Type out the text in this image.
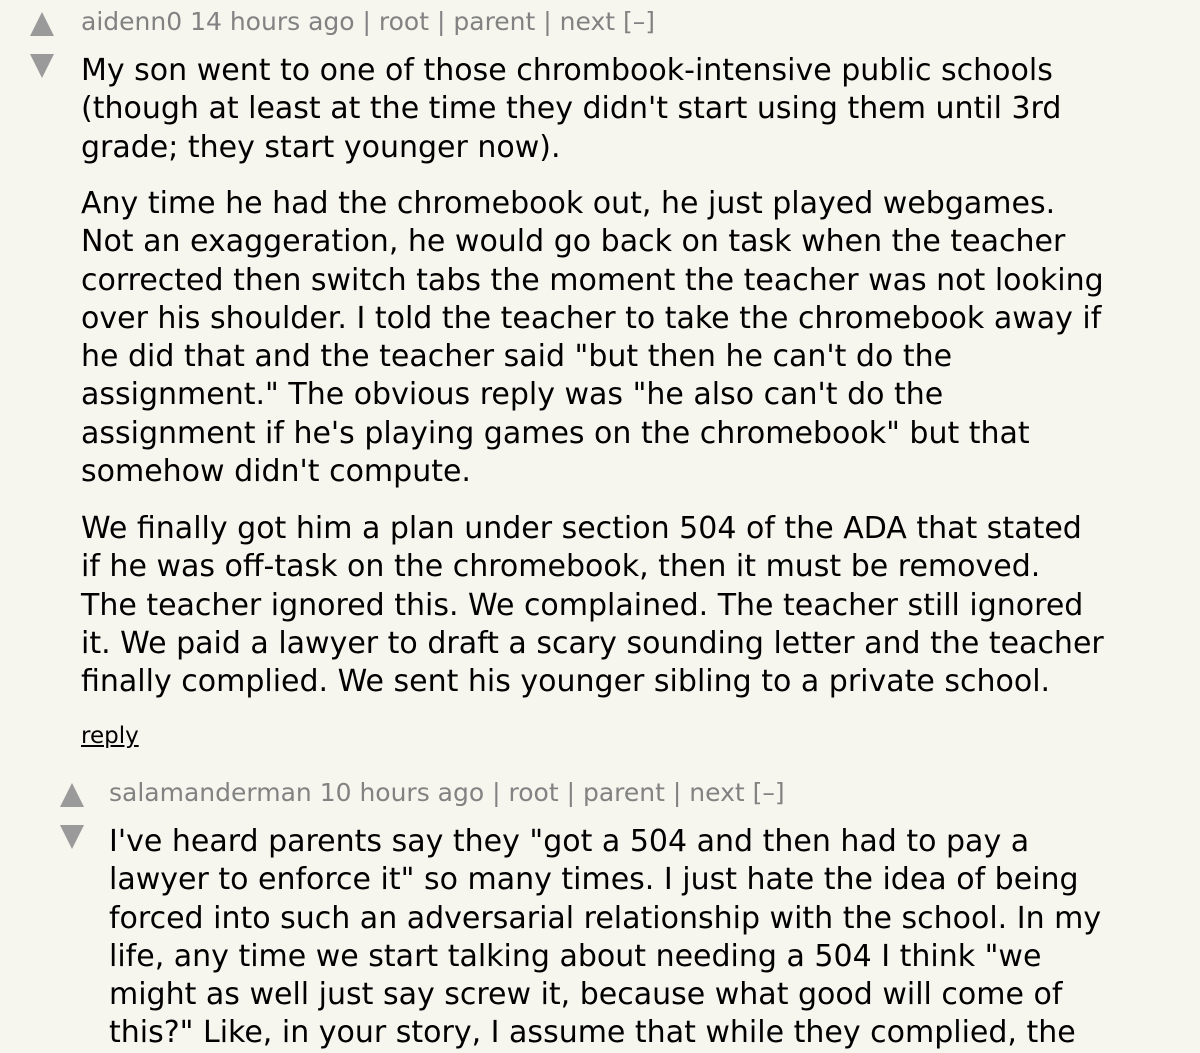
aidenn0 14 hours ago | root | parent | next [–]
My son went to one of those chrombook-intensive public schools
(though at least at the time they didn't start using them until 3rd
grade; they start younger now).
Any time he had the chromebook out, he just played webgames.
Not an exaggeration, he would go back on task when the teacher
corrected then switch tabs the moment the teacher was not looking
over his shoulder. I told the teacher to take the chromebook away if
he did that and the teacher said "but then he can't do the
assignment." The obvious reply was "he also can't do the
assignment if he's playing games on the chromebook" but that
somehow didn't compute.
We finally got him a plan under section 504 of the ADA that stated
if he was off-task on the chromebook, then it must be removed.
The teacher ignored this. We complained. The teacher still ignored
it. We paid a lawyer to draft a scary sounding letter and the teacher
finally complied. We sent his younger sibling to a private school.
reply
salamanderman 10 hours ago | root | parent | next [–]
I've heard parents say they "got a 504 and then had to pay a
lawyer to enforce it" so many times. I just hate the idea of being
forced into such an adversarial relationship with the school. In my
life, any time we start talking about needing a 504 I think "we
might as well just say screw it, because what good will come of
this?" Like, in your story, I assume that while they complied, the
